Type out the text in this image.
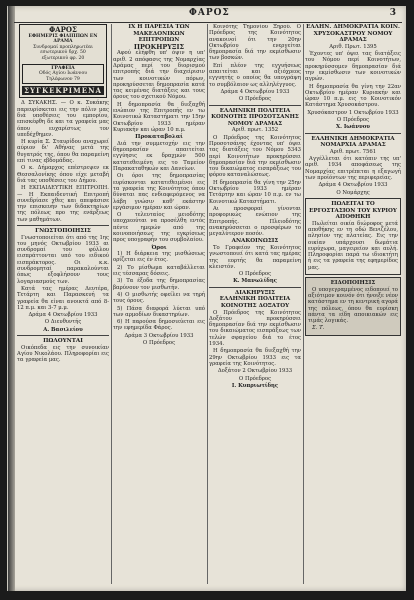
ΦΑΡΟΣ	3
ΦΑΡΟΣ
ΕΦΗΜΕΡΙΣ ΦΙΛΙΠΠΩΝ ΕΝ ΔΡΑΜΑ
Συνδρομαί προπληρωτέαι
εσωτερικού δρχ. 50
εξωτερικού φρ. 20
ΓΡΑΦΕΙΑ
Οδός Αγίου Ιωάννου
Τηλέφωνον 79
ΣΥΓΚΕΚΡΙΜΕΝΑ

Δ ΣΥΚΑΚΗΣ. — Ο κ. Συκάκης παρευρίσκεται εις την πόλιν μας διά υποθέσεις του εμπορίου, επισκέφθη δε και τα γραφεία μας όπου ευχαρίστως τον υπεδέχθημεν.

Η κυρία Σ. Σταυρίδου αναχωρεί αύριον δι' Αθήνας μετά της θυγατρός της, όπου θα παραμείνη επί τινας εβδομάδας.

Ο κ. Δήμαρχος επέστρεψεν εκ Θεσσαλονίκης όπου είχε μεταβή διά τας υποθέσεις του Δήμου.

Η ΕΚΠΑΙΔΕΥΤΙΚΗ ΕΠΙΤΡΟΠΗ. — Η Εκπαιδευτική Επιτροπή συνεδρίασε χθες και απεφάσισε την επισκευήν των διδακτηρίων της πόλεως προ της ενάρξεως των μαθημάτων.

ΓΝΩΣΤΟΠΟΙΗΣΙΣ

Γνωστοποιείται ότι από της 1ης του μηνός Οκτωβρίου 1933 αι συνδρομαί του φύλλου εισπράττονται υπό του ειδικού εισπράκτορος. Οι κ.κ. συνδρομηταί παρακαλούνται όπως εξοφλήσουν τους λογαριασμούς των.

Κατά τας ημέρας Δευτέρα, Τετάρτη και Παρασκευή τα γραφεία θα είναι ανοικτά από 8-12 π.μ. και 3-7 μ.μ.

Δράμα 4 Οκτωβρίου 1933

Ο Διευθυντής

Α. Βασιλείου

ΠΩΛΟΥΝΤΑΙ

Οικόπεδα εις την συνοικίαν Αγίου Νικολάου. Πληροφορίαι εις τα γραφεία μας.

ΙΧ Η ΠΑΡΕΣΙΑ ΤΩΝ ΜΑΚΕΔΟΝΙΚΩΝ ΕΠΙΤΡΟΠΩΝ
ΠΡΟΚΗΡΥΞΙΣ

Αφού ελήφθη υπ' όψιν η υπ' αριθ. 2 απόφασις της Νομαρχίας Δράμας περί του διορισμού επιτροπής διά την διαχείρισιν των κοινοτικών πόρων, προκηρύσσεται δημοπρασία κατά τας κειμένας διατάξεις και τους όρους του σχετικού Νόμου.

Η δημοπρασία θα διεξαχθή ενώπιον της Επιτροπής εν τω Κοινοτικώ Καταστήματι την 15ην Οκτωβρίου 1933 ημέραν Κυριακήν και ώραν 10 π.μ.

Προκαταβολαί

Διά την συμμετοχήν εις την δημοπρασίαν απαιτείται εγγύησις εκ δραχμών 500 κατατεθειμένη εις το Ταμείον Παρακαταθηκών και Δανείων.

Οι όροι της δημοπρασίας ευρίσκονται κατατεθειμένοι εις τα γραφεία της Κοινότητος όπου δύναται πας ενδιαφερόμενος να λάβη γνώσιν καθ' εκάστην εργάσιμον ημέραν και ώραν.

Ο τελευταίος μειοδότης υποχρεούται να προσέλθη εντός πέντε ημερών από της κοινοποιήσεως της εγκρίσεως προς υπογραφήν του συμβολαίου.

Όροι

1) Η διάρκεια της μισθώσεως ορίζεται εις έν έτος.

2) Το μίσθωμα καταβάλλεται εις τέσσαρας δόσεις.

3) Τα έξοδα της δημοπρασίας βαρύνουν τον μισθωτήν.

4) Ο μισθωτής οφείλει να τηρή τους όρους.

5) Πάσα διαφορά λύεται υπό των αρμοδίων δικαστηρίων.

6) Η παρούσα δημοσιεύεται εις την εφημερίδα Φάρος.

Δράμα 3 Οκτωβρίου 1933

Ο Πρόεδρος

Κοινότης Τημονίου Ξηρού. Ο Πρόεδρος της Κοινότητος ανακοινοί ότι την 20ην Οκτωβρίου ενεργείται δημοπρασία διά την εκμίσθωσιν των βοσκών.

Επί πλέον της εγγυήσεως απαιτείται και αξιόχρεος εγγυητής ο οποίος θα υπογράψη το συμβόλαιον ως αλληλέγγυος.

Δράμα 4 Οκτωβρίου 1933

Ο Πρόεδρος

ΕΛΛΗΝΙΚΗ ΠΟΛΙΤΕΙΑ
ΚΟΙΝΟΤΗΣ ΠΡΟΣΟΤΣΑΝΗΣ ΝΟΜΟΥ ΔΡΑΜΑΣ

Αριθ. πρωτ. 1352

Ο Πρόεδρος της Κοινότητος Προσοτσάνης έχοντας υπ' όψει τας διατάξεις του Νόμου 5343 περί Κοινοτήτων προκηρύσσει δημοπρασίαν διά την εκμίσθωσιν του δικαιώματος εισπράξεως του φόρου καταναλώσεως.

Η δημοπρασία θα γίνη την 25ην Οκτωβρίου 1933 ημέραν Τετάρτην και ώραν 10 π.μ. εν τω Κοινοτικώ Καταστήματι.

Αι προσφοραί γίνονται προφορικώς ενώπιον της Επιτροπής. Πλειοδότης ανακηρύσσεται ο προσφέρων το μεγαλύτερον ποσόν.

ΑΝΑΚΟΙΝΩΣΙΣ

Το Γραφείον της Κοινότητος γνωστοποιεί ότι κατά τας ημέρας της εορτής θα παραμείνη κλειστόν.

Ο Πρόεδρος

Κ. Μανωλίδης

ΔΙΑΚΗΡΥΞΙΣ
ΕΛΛΗΝΙΚΗ ΠΟΛΙΤΕΙΑ ΚΟΙΝΟΤΗΣ ΔΟΞΑΤΟΥ

Ο Πρόεδρος της Κοινότητος Δοξάτου προκηρύσσει δημοπρασίαν διά την εκμίσθωσιν του δικαιώματος εισπράξεως των τελών σφαγείου διά το έτος 1934.

Η δημοπρασία θα διεξαχθή την 29ην Οκτωβρίου 1933 εις τα γραφεία της Κοινότητος.

Δοξάτον 2 Οκτωβρίου 1933

Ο Πρόεδρος

Ι. Κυπριωτίδης

ΕΛΛΗΝ. ΔΗΜΟΚΡΑΤΙΑ ΚΟΙΝ. ΧΡΥΣΟΚΑΣΤΡΟΥ ΝΟΜΟΥ ΔΡΑΜΑΣ

Αριθ. Πρωτ. 1395

Έχοντες υπ' όψει τας διατάξεις του Νόμου περί Κοινοτήτων, προκηρύσσομεν δημοπρασίαν διά την εκμίσθωσιν των κοινοτικών αγρών.

Η δημοπρασία θα γίνη την 22αν Οκτωβρίου ημέραν Κυριακήν και ώραν 10 π.μ. εις το Κοινοτικόν Κατάστημα Χρυσοκάστρου.

Χρυσόκαστρον 1 Οκτωβρίου 1933

Ο Πρόεδρος

Χ. Ιωάννου

ΕΛΛΗΝΙΚΗ ΔΗΜΟΚΡΑΤΙΑ ΝΟΜΑΡΧΙΑ ΔΡΑΜΑΣ

Αριθ. πρωτ. 7561

Αγγέλλεται ότι κατόπιν της υπ' αριθ. 1934 αποφάσεως της Νομαρχίας επιτρέπεται η εξαγωγή των προϊόντων της περιφερείας.

Δράμα 4 Οκτωβρίου 1933

Ο Νομάρχης

ΠΩΛΕΙΤΑΙ ΤΟ ΕΡΓΟΣΤΑΣΙΟΝ ΤΟΥ ΚΥΡΙΟΥ
ΑΠΟΘΗΚΗ

Πωλείται οικία διώροφος μετά αποθήκης εν τη οδώ Βενιζέλου, πλησίον της πλατείας. Εις την οικίαν υπάρχουσι δωμάτια ευρύχωρα, μαγειρείον και αυλή. Πληροφορίαι παρά τω ιδιοκτήτη ή εις τα γραφεία της εφημερίδος μας.

ΕΙΔΟΠΟΙΗΣΙΣ

Ο υπογεγραμμένος ειδοποιεί το αξιότιμον κοινόν ότι ήνοιξε νέον κατάστημα εν τη κεντρική αγορά της πόλεως, όπου θα ευρίσκη πάντα τα είδη αποικιακών εις τιμάς λογικάς.

Σ. Τ.
